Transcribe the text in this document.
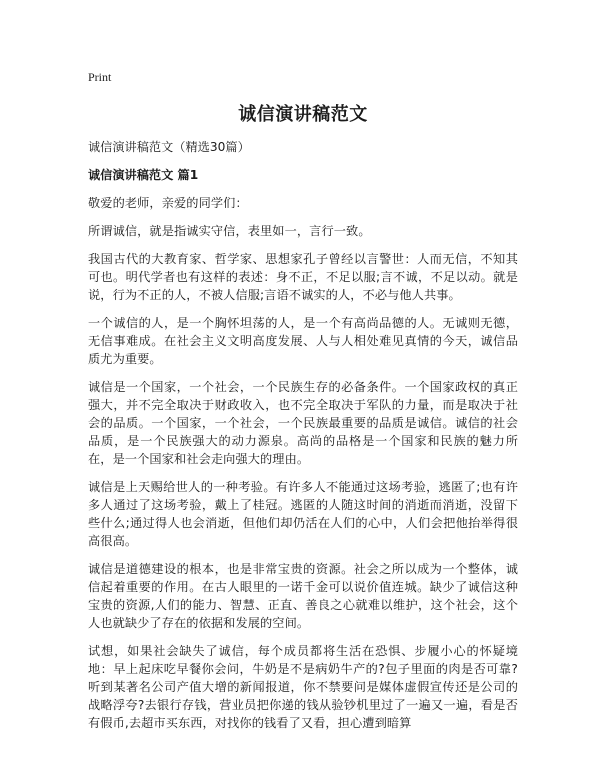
Print
诚信演讲稿范文
诚信演讲稿范文（精选30篇）
诚信演讲稿范文 篇1

敬爱的老师，亲爱的同学们：

所谓诚信，就是指诚实守信，表里如一，言行一致。

我国古代的大教育家、哲学家、思想家孔子曾经以言警世：人而无信，不知其可也。明代学者也有这样的表述：身不正，不足以服;言不诚，不足以动。就是说，行为不正的人，不被人信服;言语不诚实的人，不必与他人共事。

一个诚信的人，是一个胸怀坦荡的人，是一个有高尚品德的人。无诚则无德，无信事难成。在社会主义文明高度发展、人与人相处难见真情的今天，诚信品质尤为重要。

诚信是一个国家，一个社会，一个民族生存的必备条件。一个国家政权的真正强大，并不完全取决于财政收入，也不完全取决于军队的力量，而是取决于社会的品质。一个国家，一个社会，一个民族最重要的品质是诚信。诚信的社会品质，是一个民族强大的动力源泉。高尚的品格是一个国家和民族的魅力所在，是一个国家和社会走向强大的理由。

诚信是上天赐给世人的一种考验。有许多人不能通过这场考验，逃匿了;也有许多人通过了这场考验，戴上了桂冠。逃匿的人随这时间的消逝而消逝，没留下些什么;通过得人也会消逝，但他们却仍活在人们的心中，人们会把他抬举得很高很高。

诚信是道德建设的根本，也是非常宝贵的资源。社会之所以成为一个整体，诚信起着重要的作用。在古人眼里的一诺千金可以说价值连城。缺少了诚信这种宝贵的资源,人们的能力、智慧、正直、善良之心就难以维护，这个社会，这个人也就缺少了存在的依据和发展的空间。

试想，如果社会缺失了诚信，每个成员都将生活在恐惧、步履小心的怀疑境地：早上起床吃早餐你会问，牛奶是不是病奶牛产的?包子里面的肉是否可靠?听到某著名公司产值大增的新闻报道，你不禁要问是媒体虚假宣传还是公司的战略浮夸?去银行存钱，营业员把你递的钱从验钞机里过了一遍又一遍，看是否有假币,去超市买东西，对找你的钱看了又看，担心遭到暗算
